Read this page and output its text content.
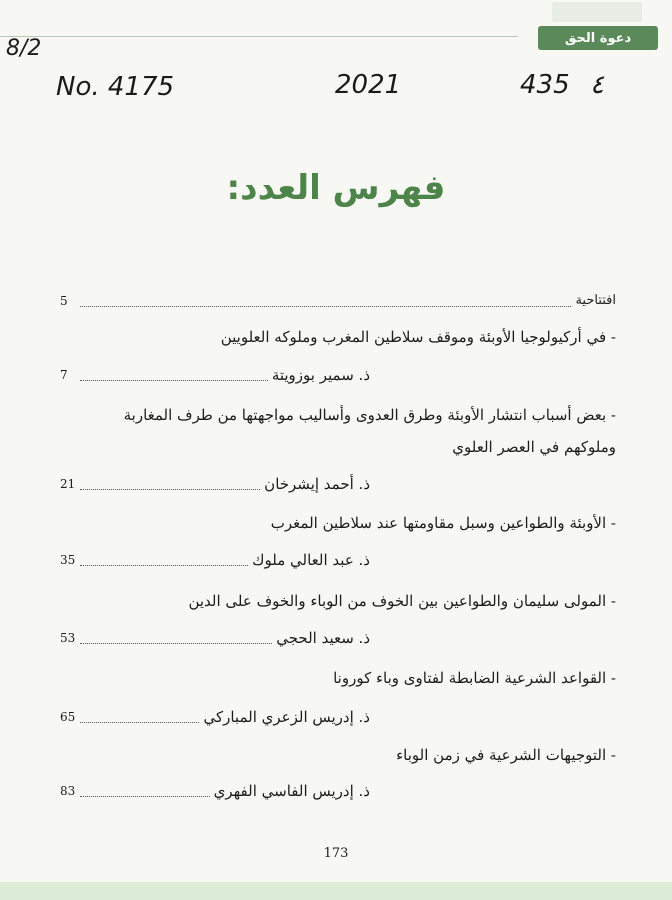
دعوة الحق
8/2
No. 4175	2021	435 ٤
فهرس العدد:
افتتاحية
5
- في أركيولوجيا الأوبئة وموقف سلاطين المغرب وملوكه العلويين
ذ. سمير بوزويتة
7
- بعض أسباب انتشار الأوبئة وطرق العدوى وأساليب مواجهتها من طرف المغاربة
وملوكهم في العصر العلوي
ذ. أحمد إيشرخان
21
- الأوبئة والطواعين وسبل مقاومتها عند سلاطين المغرب
ذ. عبد العالي ملوك
35
- المولى سليمان والطواعين بين الخوف من الوباء والخوف على الدين
ذ. سعيد الحجي
53
- القواعد الشرعية الضابطة لفتاوى وباء كورونا
ذ. إدريس الزعري المباركي
65
- التوجيهات الشرعية في زمن الوباء
ذ. إدريس الفاسي الفهري
83
173
